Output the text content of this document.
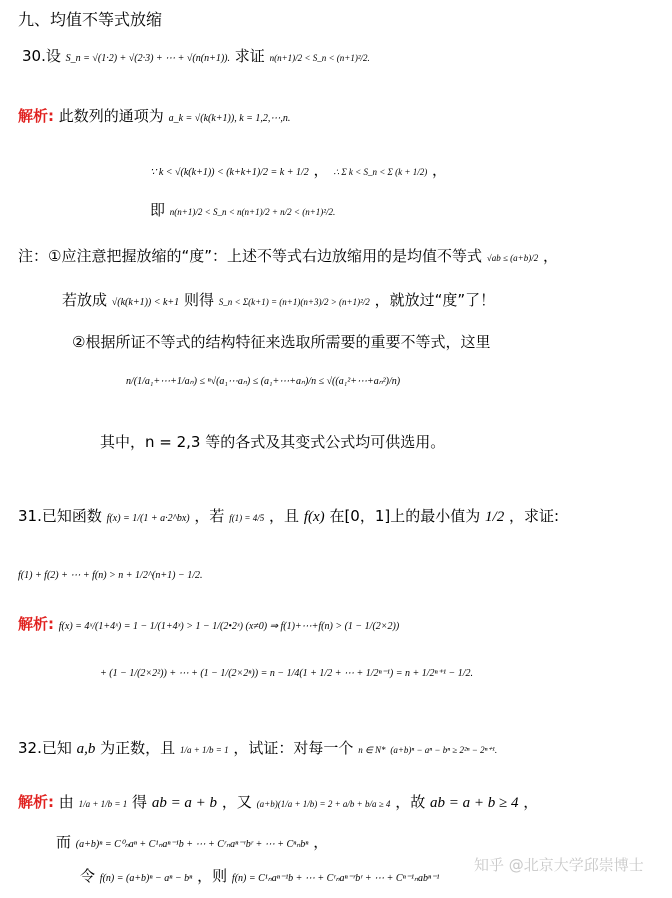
九、均值不等式放缩
30.设 S_n = √(1·2) + √(2·3) + ⋯ + √(n(n+1)). 求证 n(n+1)/2 < S_n < (n+1)²/2.
解析: 此数列的通项为 a_k = √(k(k+1)), k = 1,2,⋯,n.
∵ k < √(k(k+1)) < (k+k+1)/2 = k + 1/2 ， ∴ Σ k < S_n < Σ (k + 1/2) ，
即 n(n+1)/2 < S_n < n(n+1)/2 + n/2 < (n+1)²/2.
注：①应注意把握放缩的“度”：上述不等式右边放缩用的是均值不等式 √ab ≤ (a+b)/2 ，
若放成 √(k(k+1)) < k+1 则得 S_n < Σ(k+1) = (n+1)(n+3)/2 > (n+1)²/2 ，就放过“度”了！
②根据所证不等式的结构特征来选取所需要的重要不等式，这里
n/(1/a₁+⋯+1/aₙ) ≤ ⁿ√(a₁⋯aₙ) ≤ (a₁+⋯+aₙ)/n ≤ √((a₁²+⋯+aₙ²)/n)
其中，n = 2,3 等的各式及其变式公式均可供选用。
31.已知函数 f(x) = 1/(1 + a·2^bx) ，若 f(1) = 4/5 ，且 f(x) 在[0，1]上的最小值为 1/2 ，求证:
f(1) + f(2) + ⋯ + f(n) > n + 1/2^(n+1) − 1/2.
解析: f(x) = 4ˣ/(1+4ˣ) = 1 − 1/(1+4ˣ) > 1 − 1/(2•2ˣ) (x≠0) ⇒ f(1)+⋯+f(n) > (1 − 1/(2×2))
+ (1 − 1/(2×2²)) + ⋯ + (1 − 1/(2×2ⁿ)) = n − 1/4(1 + 1/2 + ⋯ + 1/2ⁿ⁻¹) = n + 1/2ⁿ⁺¹ − 1/2.
32.已知 a,b 为正数，且 1/a + 1/b = 1 ，试证：对每一个 n ∈ N* (a+b)ⁿ − aⁿ − bⁿ ≥ 2²ⁿ − 2ⁿ⁺¹.
解析: 由 1/a + 1/b = 1 得 ab = a + b ，又 (a+b)(1/a + 1/b) = 2 + a/b + b/a ≥ 4 ，故 ab = a + b ≥ 4 ，
而 (a+b)ⁿ = C⁰ₙaⁿ + C¹ₙaⁿ⁻¹b + ⋯ + Cʳₙaⁿ⁻ʳbʳ + ⋯ + Cⁿₙbⁿ ，
令 f(n) = (a+b)ⁿ − aⁿ − bⁿ ，则 f(n) = C¹ₙaⁿ⁻¹b + ⋯ + Cʳₙaⁿ⁻ʳbʳ + ⋯ + Cⁿ⁻¹ₙabⁿ⁻¹
知乎 @北京大学邱崇博士
